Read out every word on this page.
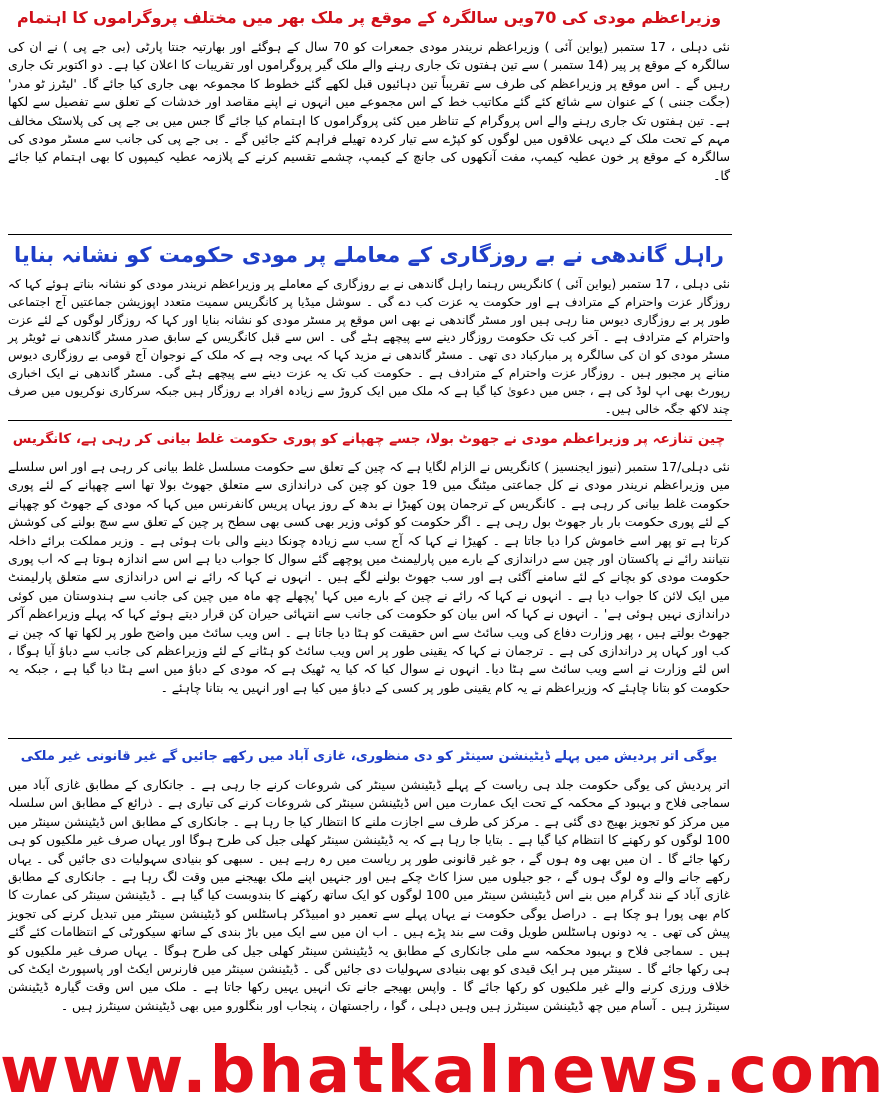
وزیراعظم مودی کی 70ویں سالگرہ کے موقع پر ملک بھر میں مختلف پروگراموں کا اہتمام

نئی دہلی ، 17 ستمبر (یواین آئی ) وزیراعظم نریندر مودی جمعرات کو 70 سال کے ہوگئے اور بھارتیہ جنتا پارٹی (بی جے پی ) نے ان کی سالگرہ کے موقع پر پیر (14 ستمبر ) سے تین ہفتوں تک جاری رہنے والے ملک گیر پروگراموں اور تقریبات کا اعلان کیا ہے۔ دو اکتوبر تک جاری رہیں گے ۔ اس موقع پر وزیراعظم کی طرف سے تقریباً تین دہائیوں قبل لکھے گئے خطوط کا مجموعہ بھی جاری کیا جائے گا۔ 'لیٹرز ٹو مدر' (جگت جننی ) کے عنوان سے شائع کئے گئے مکاتیب خط کے اس مجموعے میں انہوں نے اپنے مقاصد اور خدشات کے تعلق سے تفصیل سے لکھا ہے۔ تین ہفتوں تک جاری رہنے والے اس پروگرام کے تناظر میں کئی پروگراموں کا اہتمام کیا جائے گا جس میں بی جے پی کی پلاسٹک مخالف مہم کے تحت ملک کے دیہی علاقوں میں لوگوں کو کپڑے سے تیار کردہ تھیلے فراہم کئے جائیں گے ۔ بی جے پی کی جانب سے مسٹر مودی کی سالگرہ کے موقع پر خون عطیہ کیمپ، مفت آنکھوں کی جانچ کے کیمپ، چشمے تقسیم کرنے کے پلازمہ عطیہ کیمپوں کا بھی اہتمام کیا جائے گا۔

راہل گاندھی نے بے روزگاری کے معاملے پر مودی حکومت کو نشانہ بنایا

نئی دہلی ، 17 ستمبر (یواین آئی ) کانگریس رہنما راہل گاندھی نے بے روزگاری کے معاملے پر وزیراعظم نریندر مودی کو نشانہ بناتے ہوئے کہا کہ روزگار عزت واحترام کے مترادف ہے اور حکومت یہ عزت کب دے گی ۔ سوشل میڈیا پر کانگریس سمیت متعدد اپوزیشن جماعتیں آج اجتماعی طور پر بے روزگاری دیوس منا رہی ہیں اور مسٹر گاندھی نے بھی اس موقع پر مسٹر مودی کو نشانہ بنایا اور کہا کہ روزگار لوگوں کے لئے عزت واحترام کے مترادف ہے ۔ آخر کب تک حکومت روزگار دینے سے پیچھے ہٹے گی ۔ اس سے قبل کانگریس کے سابق صدر مسٹر گاندھی نے ٹویٹر پر مسٹر مودی کو ان کی سالگرہ پر مبارکباد دی تھی ۔ مسٹر گاندھی نے مزید کہا کہ یہی وجہ ہے کہ ملک کے نوجوان آج قومی بے روزگاری دیوس منانے پر مجبور ہیں ۔ روزگار عزت واحترام کے مترادف ہے ۔ حکومت کب تک یہ عزت دینے سے پیچھے ہٹے گی۔ مسٹر گاندھی نے ایک اخباری رپورٹ بھی اپ لوڈ کی ہے ، جس میں دعویٰ کیا گیا ہے کہ ملک میں ایک کروڑ سے زیادہ افراد بے روزگار ہیں جبکہ سرکاری نوکریوں میں صرف چند لاکھ جگہ خالی ہیں۔

چین تنازعہ پر وزیراعظم مودی نے جھوٹ بولا، جسے چھپانے کو پوری حکومت غلط بیانی کر رہی ہے، کانگریس

نئی دہلی/17 ستمبر (نیوز ایجنسیز ) کانگریس نے الزام لگایا ہے کہ چین کے تعلق سے حکومت مسلسل غلط بیانی کر رہی ہے اور اس سلسلے میں وزیراعظم نریندر مودی نے کل جماعتی میٹنگ میں 19 جون کو چین کی دراندازی سے متعلق جھوٹ بولا تھا اسے چھپانے کے لئے پوری حکومت غلط بیانی کر رہی ہے ۔ کانگریس کے ترجمان پون کھیڑا نے بدھ کے روز یہاں پریس کانفرنس میں کہا کہ مودی کے جھوٹ کو چھپانے کے لئے پوری حکومت بار بار جھوٹ بول رہی ہے ۔ اگر حکومت کو کوئی وزیر بھی کسی بھی سطح پر چین کے تعلق سے سچ بولنے کی کوشش کرتا ہے تو پھر اسے خاموش کرا دیا جاتا ہے ۔ کھیڑا نے کہا کہ آج سب سے زیادہ چونکا دینے والی بات ہوئی ہے ۔ وزیر مملکت برائے داخلہ نتیانند رائے نے پاکستان اور چین سے دراندازی کے بارے میں پارلیمنٹ میں پوچھے گئے سوال کا جواب دیا ہے اس سے اندازہ ہوتا ہے کہ اب پوری حکومت مودی کو بچانے کے لئے سامنے آگئی ہے اور سب جھوٹ بولنے لگے ہیں ۔ انہوں نے کہا کہ رائے نے اس دراندازی سے متعلق پارلیمنٹ میں ایک لائن کا جواب دیا ہے ۔ انہوں نے کہا کہ رائے نے چین کے بارے میں کہا 'پچھلے چھ ماہ میں چین کی جانب سے ہندوستان میں کوئی دراندازی نہیں ہوئی ہے' ۔ انہوں نے کہا کہ اس بیان کو حکومت کی جانب سے انتہائی حیران کن قرار دیتے ہوئے کہا کہ پہلے وزیراعظم آکر جھوٹ بولتے ہیں ، پھر وزارت دفاع کی ویب سائٹ سے اس حقیقت کو ہٹا دیا جاتا ہے ۔ اس ویب سائٹ میں واضح طور پر لکھا تھا کہ چین نے کب اور کہاں پر دراندازی کی ہے ۔ ترجمان نے کہا کہ یقینی طور پر اس ویب سائٹ کو ہٹانے کے لئے وزیراعظم کی جانب سے دباؤ آیا ہوگا ، اس لئے وزارت نے اسے ویب سائٹ سے ہٹا دیا۔ انہوں نے سوال کیا کہ کیا یہ ٹھیک ہے کہ مودی کے دباؤ میں اسے ہٹا دیا گیا ہے ، جبکہ یہ حکومت کو بتانا چاہئے کہ وزیراعظم نے یہ کام یقینی طور پر کسی کے دباؤ میں کیا ہے اور انہیں یہ بتانا چاہئے ۔

یوگی اتر پردیش میں پہلے ڈیٹینشن سینٹر کو دی منظوری، غازی آباد میں رکھے جائیں گے غیر قانونی غیر ملکی

اتر پردیش کی یوگی حکومت جلد ہی ریاست کے پہلے ڈیٹینشن سینٹر کی شروعات کرنے جا رہی ہے ۔ جانکاری کے مطابق غازی آباد میں سماجی فلاح و بہبود کے محکمہ کے تحت ایک عمارت میں اس ڈیٹینشن سینٹر کی شروعات کرنے کی تیاری ہے ۔ ذرائع کے مطابق اس سلسلہ میں مرکز کو تجویز بھیج دی گئی ہے ۔ مرکز کی طرف سے اجازت ملنے کا انتظار کیا جا رہا ہے ۔ جانکاری کے مطابق اس ڈیٹینشن سینٹر میں 100 لوگوں کو رکھنے کا انتظام کیا گیا ہے ۔ بتایا جا رہا ہے کہ یہ ڈیٹینشن سینٹر کھلی جیل کی طرح ہوگا اور یہاں صرف غیر ملکیوں کو ہی رکھا جائے گا ۔ ان میں بھی وہ ہوں گے ، جو غیر قانونی طور پر ریاست میں رہ رہے ہیں ۔ سبھی کو بنیادی سہولیات دی جائیں گی ۔ یہاں رکھے جانے والے وہ لوگ ہوں گے ، جو جیلوں میں سزا کاٹ چکے ہیں اور جنہیں اپنے ملک بھیجنے میں وقت لگ رہا ہے ۔ جانکاری کے مطابق غازی آباد کے نند گرام میں بنے اس ڈیٹینشن سینٹر میں 100 لوگوں کو ایک ساتھ رکھنے کا بندوبست کیا گیا ہے ۔ ڈیٹینشن سینٹر کی عمارت کا کام بھی پورا ہو چکا ہے ۔ دراصل یوگی حکومت نے یہاں پہلے سے تعمیر دو امبیڈکر ہاسٹلس کو ڈیٹینشن سینٹر میں تبدیل کرنے کی تجویز پیش کی تھی ۔ یہ دونوں ہاسٹلس طویل وقت سے بند پڑے ہیں ۔ اب ان میں سے ایک میں باڑ بندی کے ساتھ سیکورٹی کے انتظامات کئے گئے ہیں ۔ سماجی فلاح و بہبود محکمہ سے ملی جانکاری کے مطابق یہ ڈیٹینشن سینٹر کھلی جیل کی طرح ہوگا ۔ یہاں صرف غیر ملکیوں کو ہی رکھا جائے گا ۔ سینٹر میں ہر ایک قیدی کو بھی بنیادی سہولیات دی جائیں گی ۔ ڈیٹینشن سینٹر میں فارنرس ایکٹ اور پاسپورٹ ایکٹ کی خلاف ورزی کرنے والے غیر ملکیوں کو رکھا جائے گا ۔ واپس بھیجے جانے تک انہیں یہیں رکھا جاتا ہے ۔ ملک میں اس وقت گیارہ ڈیٹینشن سینٹرز ہیں ۔ آسام میں چھ ڈیٹینشن سینٹرز ہیں وہیں دہلی ، گوا ، راجستھان ، پنجاب اور بنگلورو میں بھی ڈیٹینشن سینٹرز ہیں ۔

www.bhatkalnews.com
